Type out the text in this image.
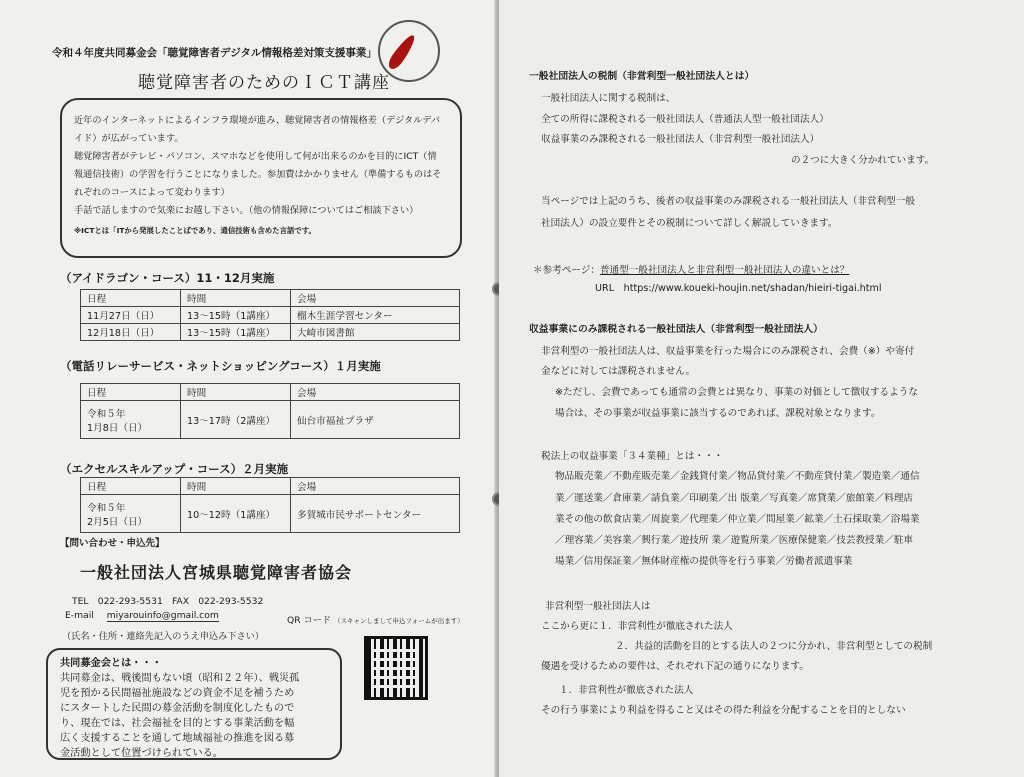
令和４年度共同募金会「聴覚障害者デジタル情報格差対策支援事業」
聴覚障害者のためのＩＣＴ講座
近年のインターネットによるインフラ環境が進み、聴覚障害者の情報格差（デジタルデバ
イド）が広がっています。
聴覚障害者がテレビ・パソコン、スマホなどを使用して何が出来るのかを目的にICT（情
報通信技術）の学習を行うことになりました。参加費はかかりません（準備するものはそ
れぞれのコースによって変わります）
手話で話しますので気楽にお越し下さい。（他の情報保障についてはご相談下さい）
※ICTとは「ITから発展したことばであり、通信技術も含めた言語です。
（アイドラゴン・コース）11・12月実施
日程	時間	会場
11月27日（日）	13～15時（1講座）	榴木生涯学習センター
12月18日（日）	13～15時（1講座）	大崎市図書館
（電話リレーサービス・ネットショッピングコース）１月実施
日程	時間	会場
令和５年
1月8日（日）	13～17時（2講座）	仙台市福祉プラザ
（エクセルスキルアップ・コース）２月実施
日程	時間	会場
令和５年
2月5日（日）	10～12時（1講座）	多賀城市民サポートセンター
【問い合わせ・申込先】
一般社団法人宮城県聴覚障害者協会
TEL　022-293-5531　FAX　022-293-5532
E-mail miyarouinfo@gmail.com	QR コード （スキャンしまして申込フォームが出ます）
（氏名・住所・連絡先記入のうえ申込み下さい）
共同募金会とは・・・
共同募金は、戦後間もない頃（昭和２２年）、戦災孤
児を預かる民間福祉施設などの資金不足を補うため
にスタートした民間の募金活動を制度化したもので
り、現在では、社会福祉を目的とする事業活動を幅
広く支援することを通して地域福祉の推進を図る募
金活動として位置づけられている。
一般社団法人の税制（非営利型一般社団法人とは）
一般社団法人に関する税制は、
全ての所得に課税される一般社団法人（普通法人型一般社団法人）
収益事業のみ課税される一般社団法人（非営利型一般社団法人）
の２つに大きく分かれています。
当ページでは上記のうち、後者の収益事業のみ課税される一般社団法人（非営利型一般
社団法人）の設立要件とその税制について詳しく解説していきます。
＊参考ページ：普通型一般社団法人と非営利型一般社団法人の違いとは？
URL　https://www.koueki-houjin.net/shadan/hieiri-tigai.html
収益事業にのみ課税される一般社団法人（非営利型一般社団法人）
非営利型の一般社団法人は、収益事業を行った場合にのみ課税され、会費（※）や寄付
金などに対しては課税されません。
※ただし、会費であっても通常の会費とは異なり、事業の対価として徴収するような
場合は、その事業が収益事業に該当するのであれば、課税対象となります。
税法上の収益事業「３４業種」とは・・・
物品販売業／不動産販売業／金銭貸付業／物品貸付業／不動産貸付業／製造業／通信
業／運送業／倉庫業／請負業／印刷業／出 版業／写真業／席貸業／旅館業／料理店
業その他の飲食店業／周旋業／代理業／仲立業／問屋業／鉱業／土石採取業／浴場業
／理容業／美容業／興行業／遊技所 業／遊覧所業／医療保健業／技芸教授業／駐車
場業／信用保証業／無体財産権の提供等を行う事業／労働者派遣事業
非営利型一般社団法人は
ここから更に１．非営利性が徹底された法人
２．共益的活動を目的とする法人の２つに分かれ、非営利型としての税制
優遇を受けるための要件は、それぞれ下記の通りになります。
１．非営利性が徹底された法人
その行う事業により利益を得ること又はその得た利益を分配することを目的としない
